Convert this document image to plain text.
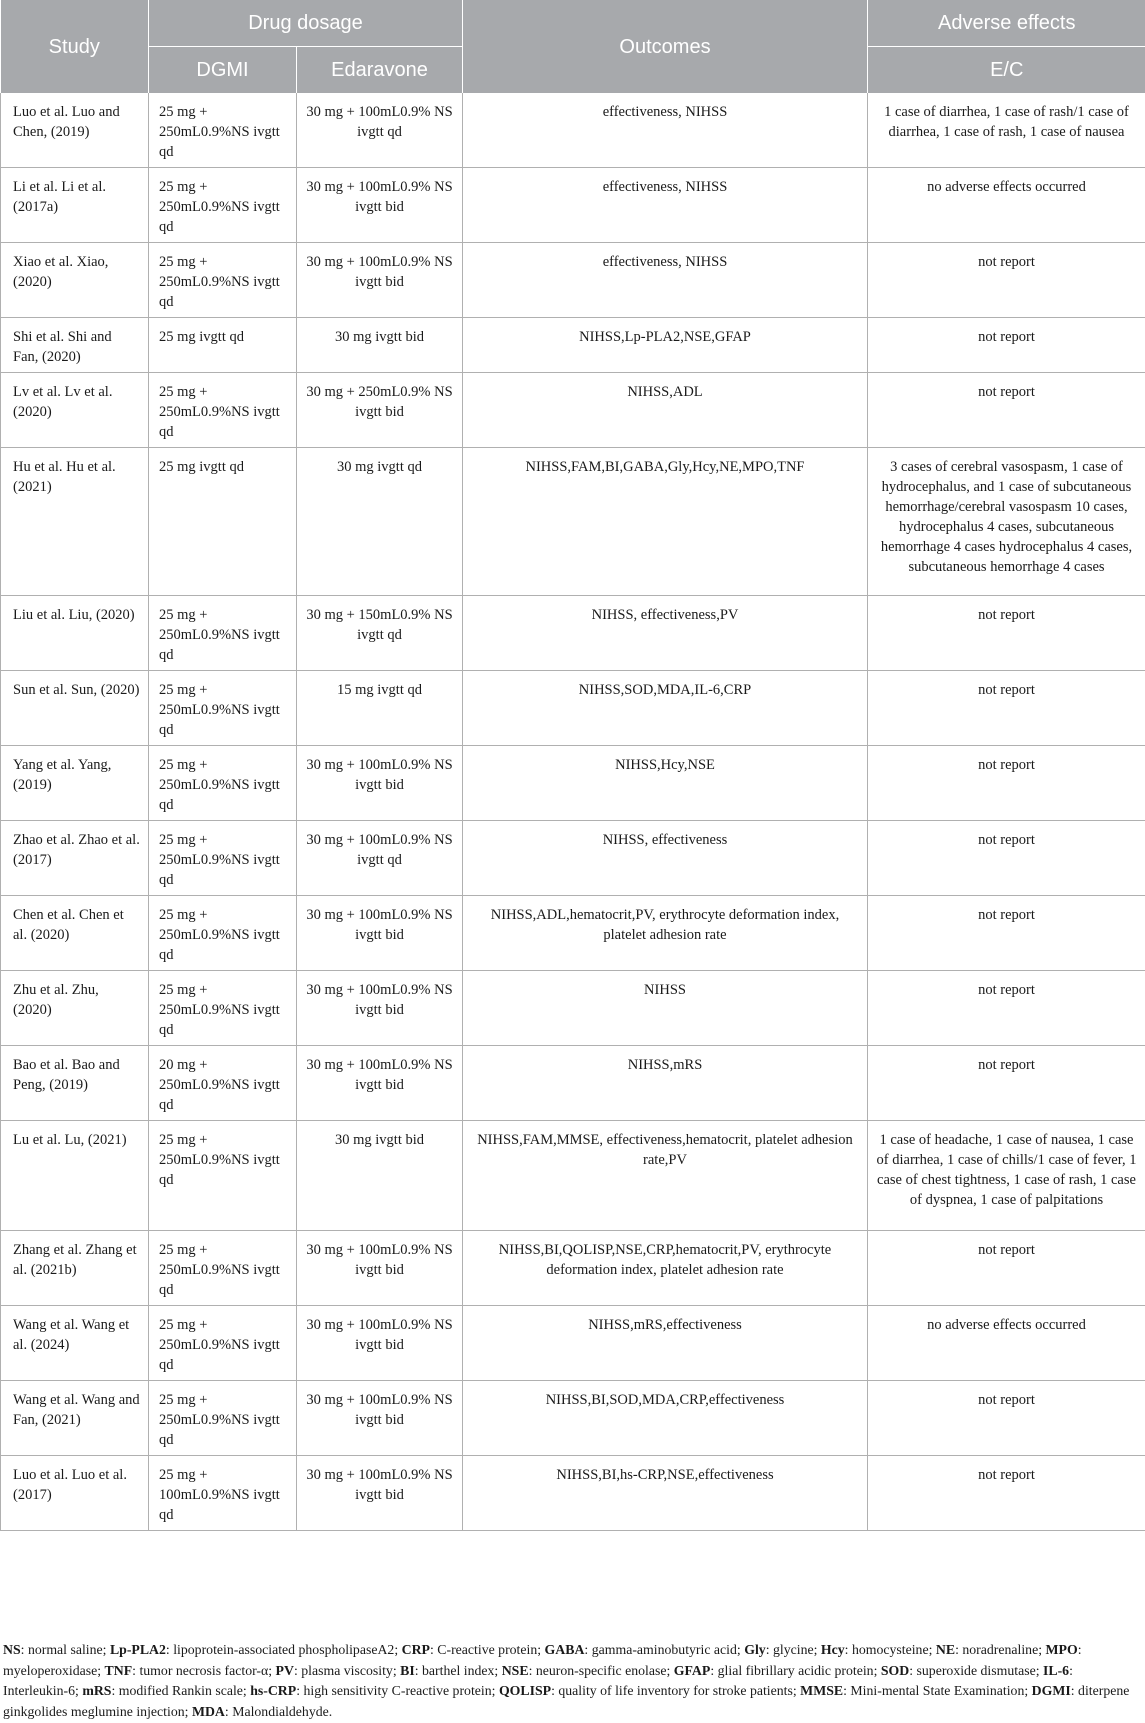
Study	Drug dosage		Outcomes	Adverse effects
	DGMI	Edaravone		E/C
Luo et al. Luo and Chen, (2019)	25 mg + 250mL0.9%NS ivgtt qd	30 mg + 100mL0.9% NS ivgtt qd	effectiveness, NIHSS	1 case of diarrhea, 1 case of rash/1 case of diarrhea, 1 case of rash, 1 case of nausea
Li et al. Li et al. (2017a)	25 mg + 250mL0.9%NS ivgtt qd	30 mg + 100mL0.9% NS ivgtt bid	effectiveness, NIHSS	no adverse effects occurred
Xiao et al. Xiao, (2020)	25 mg + 250mL0.9%NS ivgtt qd	30 mg + 100mL0.9% NS ivgtt bid	effectiveness, NIHSS	not report
Shi et al. Shi and Fan, (2020)	25 mg ivgtt qd	30 mg ivgtt bid	NIHSS,Lp-PLA2,NSE,GFAP	not report
Lv et al. Lv et al. (2020)	25 mg + 250mL0.9%NS ivgtt qd	30 mg + 250mL0.9% NS ivgtt bid	NIHSS,ADL	not report
Hu et al. Hu et al. (2021)	25 mg ivgtt qd	30 mg ivgtt qd	NIHSS,FAM,BI,GABA,Gly,Hcy,NE,MPO,TNF	3 cases of cerebral vasospasm, 1 case of hydrocephalus, and 1 case of subcutaneous hemorrhage/cerebral vasospasm 10 cases, hydrocephalus 4 cases, subcutaneous hemorrhage 4 cases hydrocephalus 4 cases, subcutaneous hemorrhage 4 cases
Liu et al. Liu, (2020)	25 mg + 250mL0.9%NS ivgtt qd	30 mg + 150mL0.9% NS ivgtt qd	NIHSS, effectiveness,PV	not report
Sun et al. Sun, (2020)	25 mg + 250mL0.9%NS ivgtt qd	15 mg ivgtt qd	NIHSS,SOD,MDA,IL-6,CRP	not report
Yang et al. Yang, (2019)	25 mg + 250mL0.9%NS ivgtt qd	30 mg + 100mL0.9% NS ivgtt bid	NIHSS,Hcy,NSE	not report
Zhao et al. Zhao et al. (2017)	25 mg + 250mL0.9%NS ivgtt qd	30 mg + 100mL0.9% NS ivgtt qd	NIHSS, effectiveness	not report
Chen et al. Chen et al. (2020)	25 mg + 250mL0.9%NS ivgtt qd	30 mg + 100mL0.9% NS ivgtt bid	NIHSS,ADL,hematocrit,PV, erythrocyte deformation index, platelet adhesion rate	not report
Zhu et al. Zhu, (2020)	25 mg + 250mL0.9%NS ivgtt qd	30 mg + 100mL0.9% NS ivgtt bid	NIHSS	not report
Bao et al. Bao and Peng, (2019)	20 mg + 250mL0.9%NS ivgtt qd	30 mg + 100mL0.9% NS ivgtt bid	NIHSS,mRS	not report
Lu et al. Lu, (2021)	25 mg + 250mL0.9%NS ivgtt qd	30 mg ivgtt bid	NIHSS,FAM,MMSE, effectiveness,hematocrit, platelet adhesion rate,PV	1 case of headache, 1 case of nausea, 1 case of diarrhea, 1 case of chills/1 case of fever, 1 case of chest tightness, 1 case of rash, 1 case of dyspnea, 1 case of palpitations
Zhang et al. Zhang et al. (2021b)	25 mg + 250mL0.9%NS ivgtt qd	30 mg + 100mL0.9% NS ivgtt bid	NIHSS,BI,QOLISP,NSE,CRP,hematocrit,PV, erythrocyte deformation index, platelet adhesion rate	not report
Wang et al. Wang et al. (2024)	25 mg + 250mL0.9%NS ivgtt qd	30 mg + 100mL0.9% NS ivgtt bid	NIHSS,mRS,effectiveness	no adverse effects occurred
Wang et al. Wang and Fan, (2021)	25 mg + 250mL0.9%NS ivgtt qd	30 mg + 100mL0.9% NS ivgtt bid	NIHSS,BI,SOD,MDA,CRP,effectiveness	not report
Luo et al. Luo et al. (2017)	25 mg + 100mL0.9%NS ivgtt qd	30 mg + 100mL0.9% NS ivgtt bid	NIHSS,BI,hs-CRP,NSE,effectiveness	not report
NS: normal saline; Lp-PLA2: lipoprotein-associated phospholipaseA2; CRP: C-reactive protein; GABA: gamma-aminobutyric acid; Gly: glycine; Hcy: homocysteine; NE: noradrenaline; MPO: myeloperoxidase; TNF: tumor necrosis factor-α; PV: plasma viscosity; BI: barthel index; NSE: neuron-specific enolase; GFAP: glial fibrillary acidic protein; SOD: superoxide dismutase; IL-6: Interleukin-6; mRS: modified Rankin scale; hs-CRP: high sensitivity C-reactive protein; QOLISP: quality of life inventory for stroke patients; MMSE: Mini-mental State Examination; DGMI: diterpene ginkgolides meglumine injection; MDA: Malondialdehyde.
